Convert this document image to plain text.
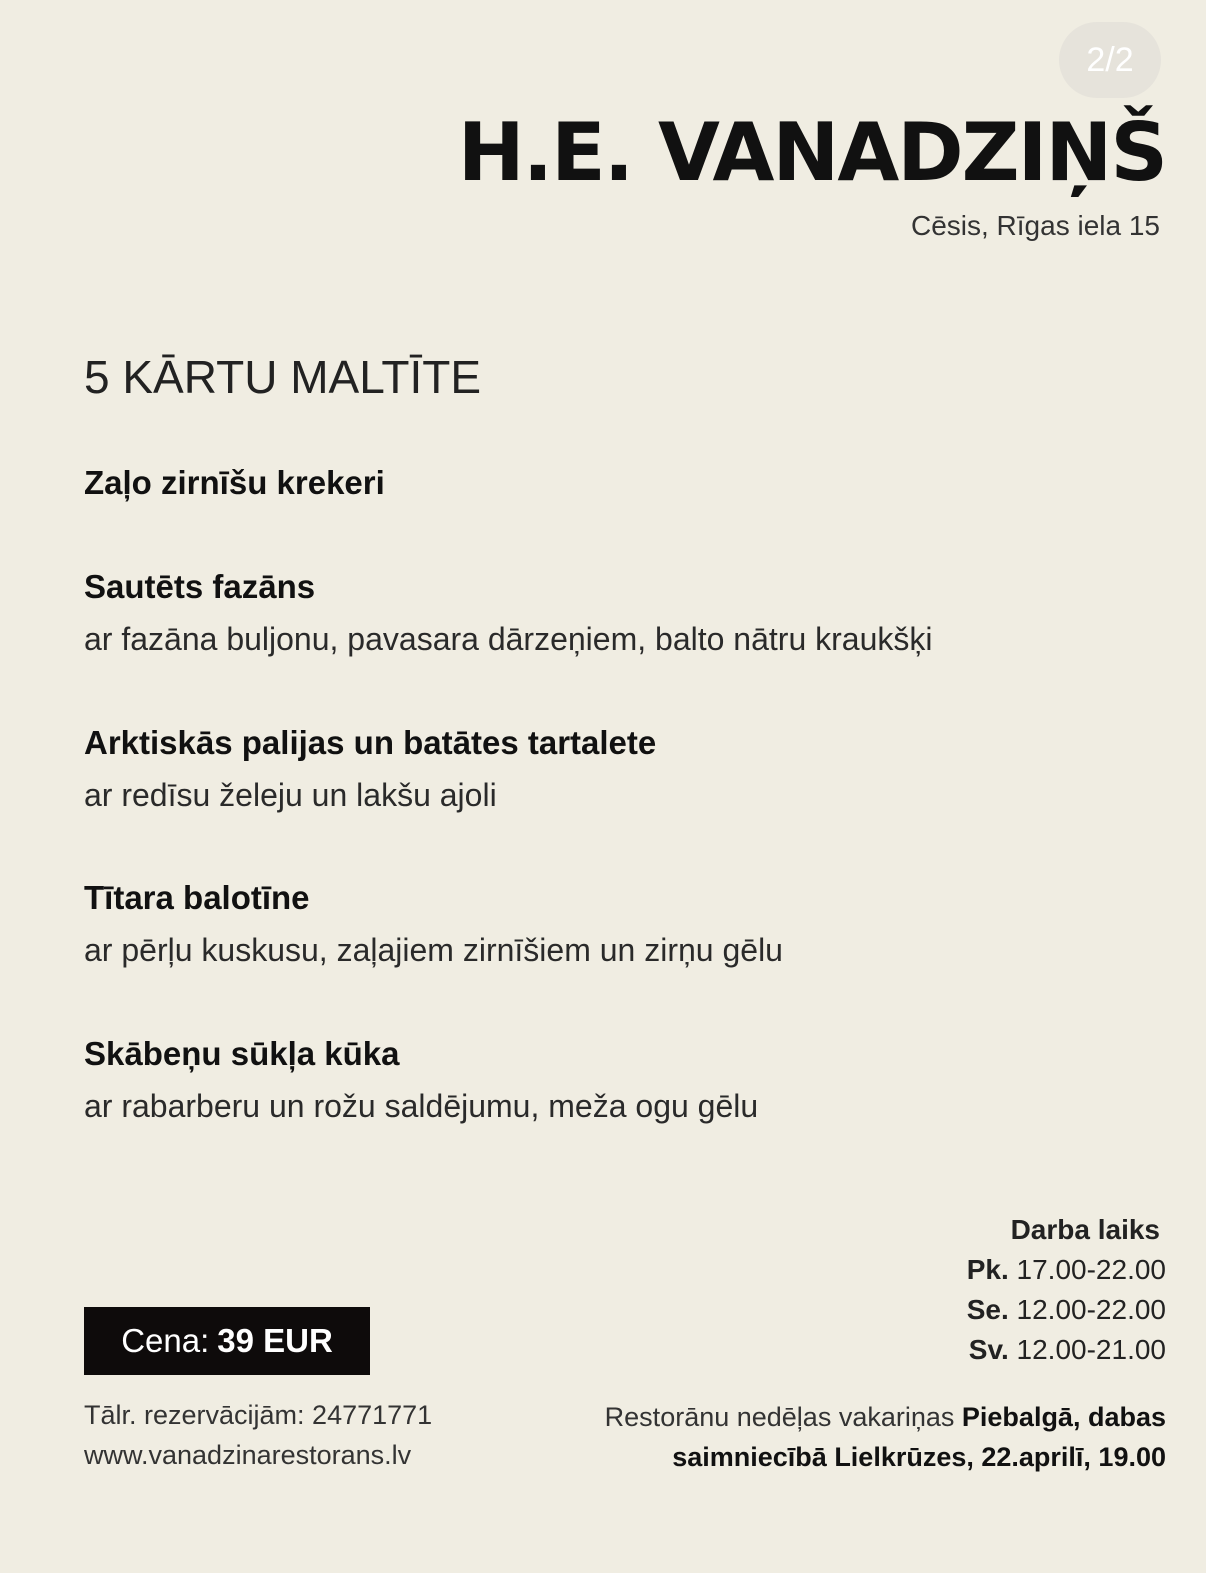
2/2
H.E. VANADZIŅŠ
Cēsis, Rīgas iela 15
5 KĀRTU MALTĪTE
Zaļo zirnīšu krekeri
Sautēts fazāns
ar fazāna buljonu, pavasara dārzeņiem, balto nātru kraukšķi
Arktiskās palijas un batātes tartalete
ar redīsu želeju un lakšu ajoli
Tītara balotīne
ar pērļu kuskusu, zaļajiem zirnīšiem un zirņu gēlu
Skābeņu sūkļa kūka
ar rabarberu un rožu saldējumu, meža ogu gēlu
Darba laiks
Pk. 17.00-22.00
Se. 12.00-22.00
Sv. 12.00-21.00
Cena: 39 EUR
Tālr. rezervācijām: 24771771
www.vanadzinarestorans.lv
Restorānu nedēļas vakariņas Piebalgā, dabas
saimniecībā Lielkrūzes, 22.aprilī, 19.00
